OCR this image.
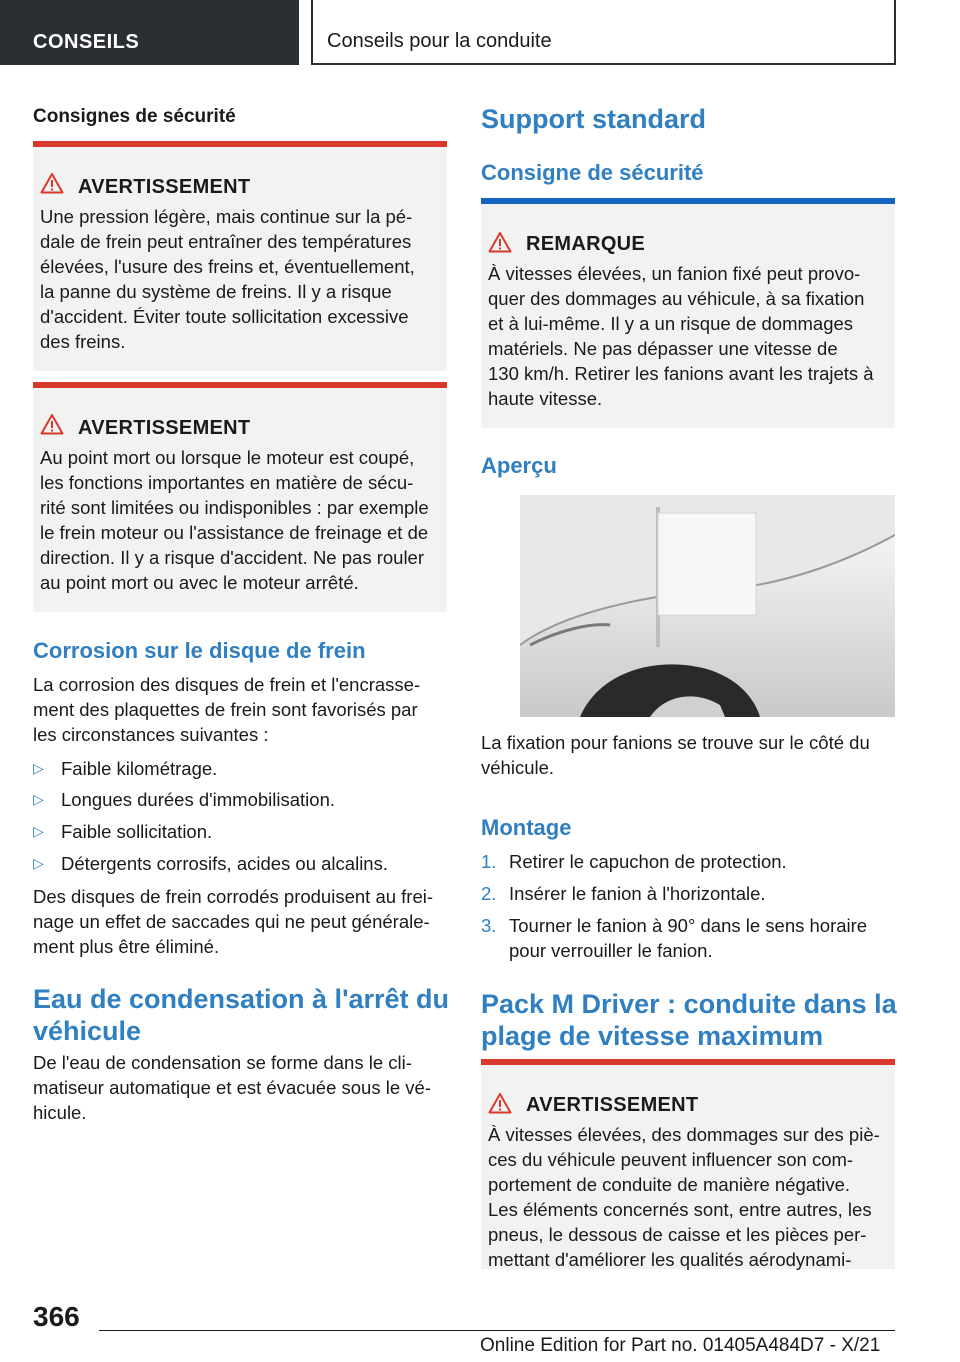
CONSEILS	Conseils pour la conduite
Consignes de sécurité
AVERTISSEMENT
Une pression légère, mais continue sur la pé‐
dale de frein peut entraîner des températures
élevées, l'usure des freins et, éventuellement,
la panne du système de freins. Il y a risque
d'accident. Éviter toute sollicitation excessive
des freins.
AVERTISSEMENT
Au point mort ou lorsque le moteur est coupé,
les fonctions importantes en matière de sécu‐
rité sont limitées ou indisponibles : par exemple
le frein moteur ou l'assistance de freinage et de
direction. Il y a risque d'accident. Ne pas rouler
au point mort ou avec le moteur arrêté.
Corrosion sur le disque de frein
La corrosion des disques de frein et l'encrasse‐
ment des plaquettes de frein sont favorisés par
les circonstances suivantes :
▷ Faible kilométrage.
▷ Longues durées d'immobilisation.
▷ Faible sollicitation.
▷ Détergents corrosifs, acides ou alcalins.
Des disques de frein corrodés produisent au frei‐
nage un effet de saccades qui ne peut générale‐
ment plus être éliminé.
Eau de condensation à l'arrêt du
véhicule
De l'eau de condensation se forme dans le cli‐
matiseur automatique et est évacuée sous le vé‐
hicule.
Support standard
Consigne de sécurité
REMARQUE
À vitesses élevées, un fanion fixé peut provo‐
quer des dommages au véhicule, à sa fixation
et à lui-même. Il y a un risque de dommages
matériels. Ne pas dépasser une vitesse de
130 km/h. Retirer les fanions avant les trajets à
haute vitesse.
Aperçu
La fixation pour fanions se trouve sur le côté du
véhicule.
Montage
1. Retirer le capuchon de protection.
2. Insérer le fanion à l'horizontale.
3. Tourner le fanion à 90° dans le sens horaire pour verrouiller le fanion.
Pack M Driver : conduite dans la
plage de vitesse maximum
AVERTISSEMENT
À vitesses élevées, des dommages sur des piè‐
ces du véhicule peuvent influencer son com‐
portement de conduite de manière négative.
Les éléments concernés sont, entre autres, les
pneus, le dessous de caisse et les pièces per‐
mettant d'améliorer les qualités aérodynami‐
366
Online Edition for Part no. 01405A484D7 - X/21
